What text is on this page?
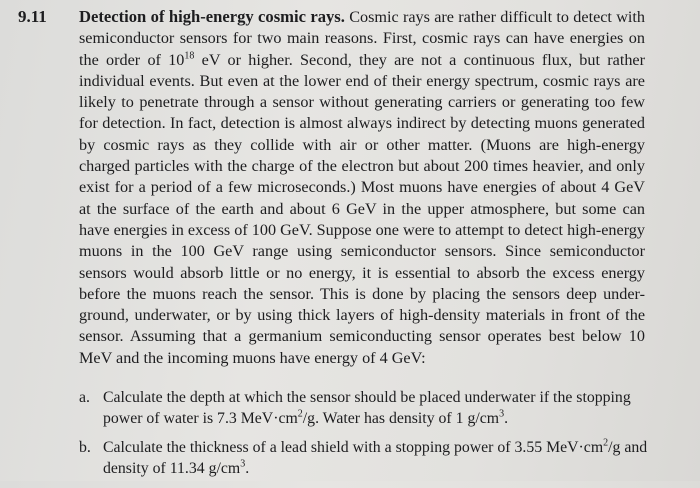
9.11 Detection of high-energy cosmic rays. Cosmic rays are rather difficult to detect with semiconductor sensors for two main reasons. First, cosmic rays can have energies on the order of $10^{18}$ eV or higher. Second, they are not a continuous flux, but rather individual events. But even at the lower end of their energy spectrum, cosmic rays are likely to penetrate through a sensor without generating carriers or generating too few for detection. In fact, detection is almost always indirect by detecting muons generated by cosmic rays as they collide with air or other matter. (Muons are high-energy charged particles with the charge of the electron but about 200 times heavier, and only exist for a period of a few microseconds.) Most muons have energies of about 4 GeV at the surface of the earth and about 6 GeV in the upper atmosphere, but some can have energies in excess of 100 GeV. Suppose one were to attempt to detect high-energy muons in the 100 GeV range using semiconductor sensors. Since semiconductor sensors would absorb little or no energy, it is essential to absorb the excess energy before the muons reach the sensor. This is done by placing the sensors deep under-ground, underwater, or by using thick layers of high-density materials in front of the sensor. Assuming that a germanium semiconducting sensor operates best below 10 MeV and the incoming muons have energy of 4 GeV:
a. Calculate the depth at which the sensor should be placed underwater if the stopping power of water is 7.3 $MeV\cdot cm^2/g$. Water has density of 1 $g/cm^3$.
b. Calculate the thickness of a lead shield with a stopping power of 3.55 $MeV\cdot cm^2/g$ and density of 11.34 $g/cm^3$.
